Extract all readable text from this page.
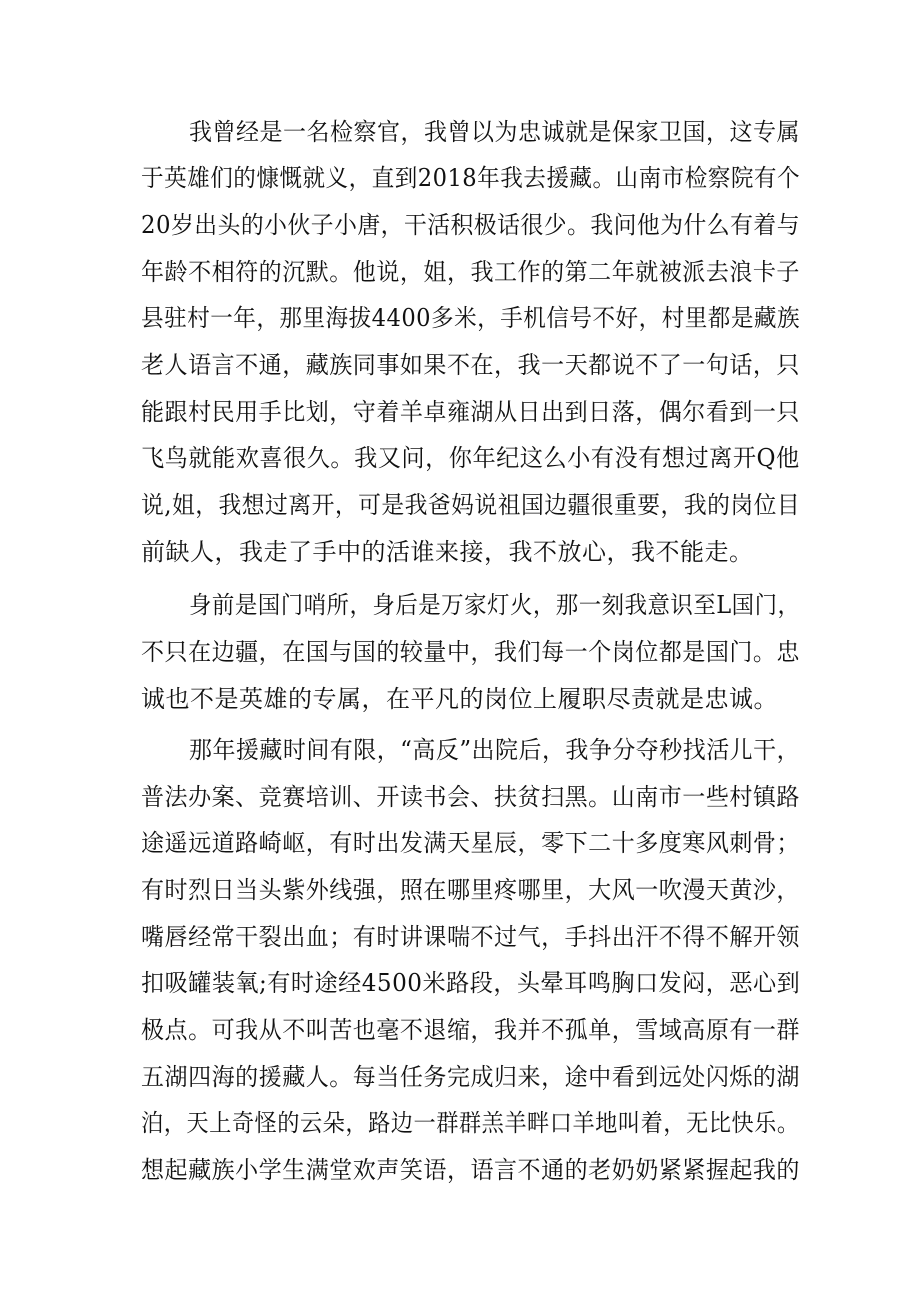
我曾经是一名检察官，我曾以为忠诚就是保家卫国，这专属
于英雄们的慷慨就义，直到2018年我去援藏。山南市检察院有个
20岁出头的小伙子小唐，干活积极话很少。我问他为什么有着与
年龄不相符的沉默。他说，姐，我工作的第二年就被派去浪卡子
县驻村一年，那里海拔4400多米，手机信号不好，村里都是藏族
老人语言不通，藏族同事如果不在，我一天都说不了一句话，只
能跟村民用手比划，守着羊卓雍湖从日出到日落，偶尔看到一只
飞鸟就能欢喜很久。我又问，你年纪这么小有没有想过离开Q他
说,姐，我想过离开，可是我爸妈说祖国边疆很重要，我的岗位目
前缺人，我走了手中的活谁来接，我不放心，我不能走。
身前是国门哨所，身后是万家灯火，那一刻我意识至L国门，
不只在边疆，在国与国的较量中，我们每一个岗位都是国门。忠
诚也不是英雄的专属，在平凡的岗位上履职尽责就是忠诚。
那年援藏时间有限，“高反”出院后，我争分夺秒找活儿干，
普法办案、竞赛培训、开读书会、扶贫扫黑。山南市一些村镇路
途遥远道路崎岖，有时出发满天星辰，零下二十多度寒风刺骨；
有时烈日当头紫外线强，照在哪里疼哪里，大风一吹漫天黄沙，
嘴唇经常干裂出血；有时讲课喘不过气，手抖出汗不得不解开领
扣吸罐装氧;有时途经4500米路段，头晕耳鸣胸口发闷，恶心到
极点。可我从不叫苦也毫不退缩，我并不孤单，雪域高原有一群
五湖四海的援藏人。每当任务完成归来，途中看到远处闪烁的湖
泊，天上奇怪的云朵，路边一群群羔羊畔口羊地叫着，无比快乐。
想起藏族小学生满堂欢声笑语，语言不通的老奶奶紧紧握起我的
